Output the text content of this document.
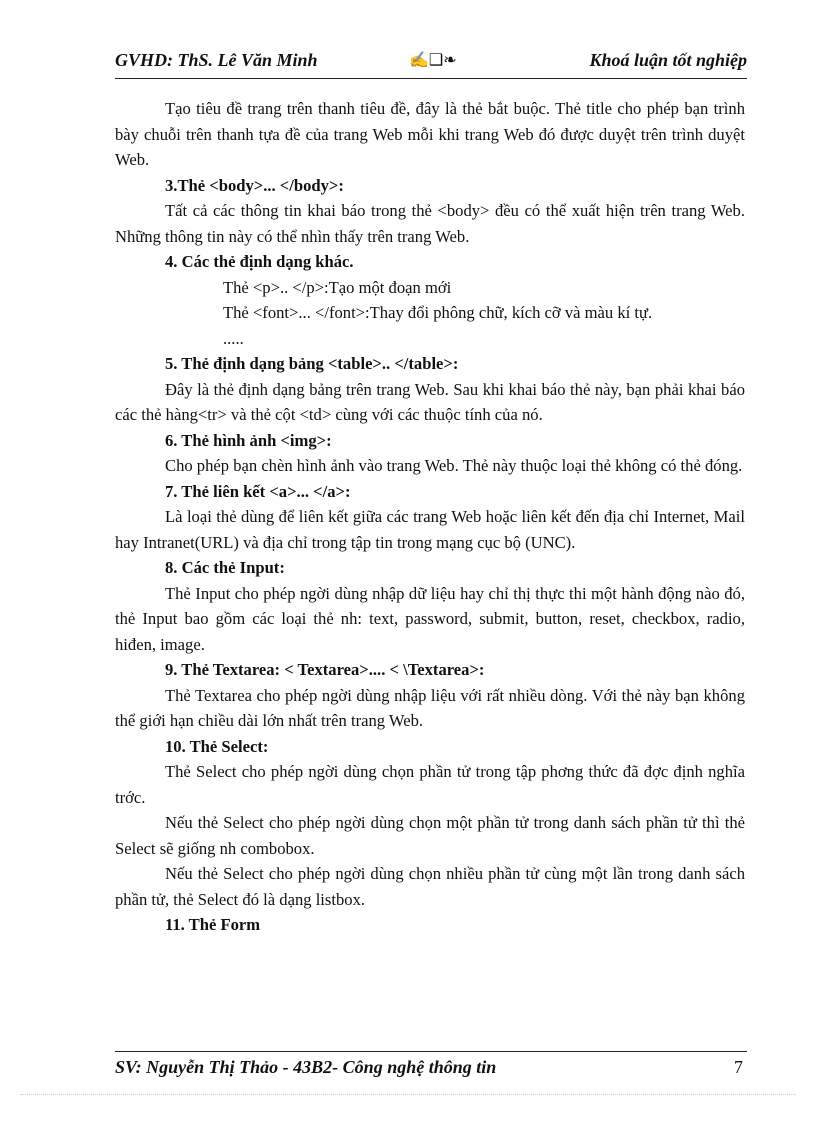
GVHD: ThS. Lê Văn Minh	✍❑❧	Khoá luận tốt nghiệp

Tạo tiêu đề trang trên thanh tiêu đề, đây là thẻ bắt buộc. Thẻ title cho phép bạn trình bày chuỗi trên thanh tựa đề của trang Web mỗi khi trang Web đó được duyệt trên trình duyệt Web.

3.Thẻ <body>... </body>:

Tất cả các thông tin khai báo trong thẻ <body> đều có thể xuất hiện trên trang Web. Những thông tin này có thể nhìn thấy trên trang Web.

4. Các thẻ định dạng khác.

Thẻ <p>.. </p>:Tạo một đoạn mới

Thẻ <font>... </font>:Thay đổi phông chữ, kích cỡ và màu kí tự.

.....

5. Thẻ định dạng bảng <table>.. </table>:

Đây là thẻ định dạng bảng trên trang Web. Sau khi khai báo thẻ này, bạn phải khai báo các thẻ hàng<tr> và thẻ cột <td> cùng với các thuộc tính của nó.

6. Thẻ hình ảnh <img>:

Cho phép bạn chèn hình ảnh vào trang Web. Thẻ này thuộc loại thẻ không có thẻ đóng.

7. Thẻ liên kết <a>... </a>:

Là loại thẻ dùng để liên kết giữa các trang Web hoặc liên kết đến địa chỉ Internet, Mail hay Intranet(URL) và địa chỉ trong tập tin trong mạng cục bộ (UNC).

8. Các thẻ Input:

Thẻ Input cho phép ngời dùng nhập dữ liệu hay chỉ thị thực thi một hành động nào đó, thẻ Input bao gồm các loại thẻ nh: text, password, submit, button, reset, checkbox, radio, hiđen, image.

9. Thẻ Textarea: < Textarea>.... < \Textarea>:

Thẻ Textarea cho phép ngời dùng nhập liệu với rất nhiều dòng. Với thẻ này bạn không thể giới hạn chiều dài lớn nhất trên trang Web.

10. Thẻ Select:

Thẻ Select cho phép ngời dùng chọn phần tử trong tập phơng thức đã đợc định nghĩa trớc.

Nếu thẻ Select cho phép ngời dùng chọn một phần tử trong danh sách phần tử thì thẻ Select sẽ giống nh combobox.

Nếu thẻ Select cho phép ngời dùng chọn nhiều phần tử cùng một lần trong danh sách phần tử, thẻ Select đó là dạng listbox.

11. Thẻ Form

SV: Nguyễn Thị Thảo - 43B2- Công nghệ thông tin	7
